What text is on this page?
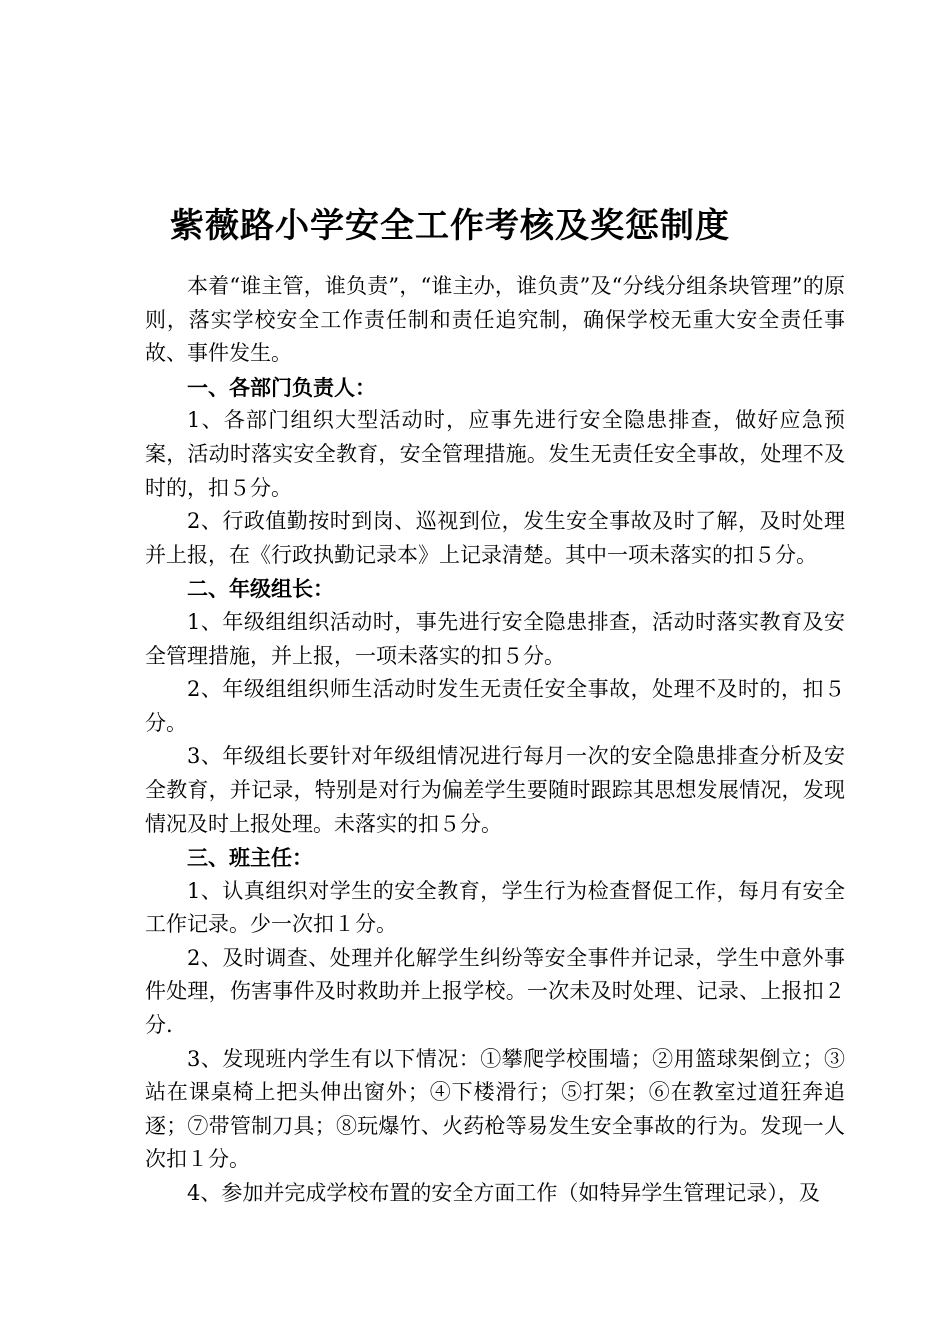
紫薇路小学安全工作考核及奖惩制度

本着“谁主管，谁负责”，“谁主办，谁负责”及“分线分组条块管理”的原则，落实学校安全工作责任制和责任追究制，确保学校无重大安全责任事故、事件发生。

一、各部门负责人：

1、各部门组织大型活动时，应事先进行安全隐患排查，做好应急预案，活动时落实安全教育，安全管理措施。发生无责任安全事故，处理不及时的，扣５分。

2、行政值勤按时到岗、巡视到位，发生安全事故及时了解，及时处理并上报，在《行政执勤记录本》上记录清楚。其中一项未落实的扣５分。

二、年级组长：

1、年级组组织活动时，事先进行安全隐患排查，活动时落实教育及安全管理措施，并上报，一项未落实的扣５分。

2、年级组组织师生活动时发生无责任安全事故，处理不及时的，扣５分。

3、年级组长要针对年级组情况进行每月一次的安全隐患排查分析及安全教育，并记录，特别是对行为偏差学生要随时跟踪其思想发展情况，发现情况及时上报处理。未落实的扣５分。

三、班主任：

1、认真组织对学生的安全教育，学生行为检查督促工作，每月有安全工作记录。少一次扣１分。

2、及时调查、处理并化解学生纠纷等安全事件并记录，学生中意外事件处理，伤害事件及时救助并上报学校。一次未及时处理、记录、上报扣２分.

3、发现班内学生有以下情况：①攀爬学校围墙；②用篮球架倒立；③站在课桌椅上把头伸出窗外；④下楼滑行；⑤打架；⑥在教室过道狂奔追逐；⑦带管制刀具；⑧玩爆竹、火药枪等易发生安全事故的行为。发现一人次扣１分。

4、参加并完成学校布置的安全方面工作（如特异学生管理记录），及
